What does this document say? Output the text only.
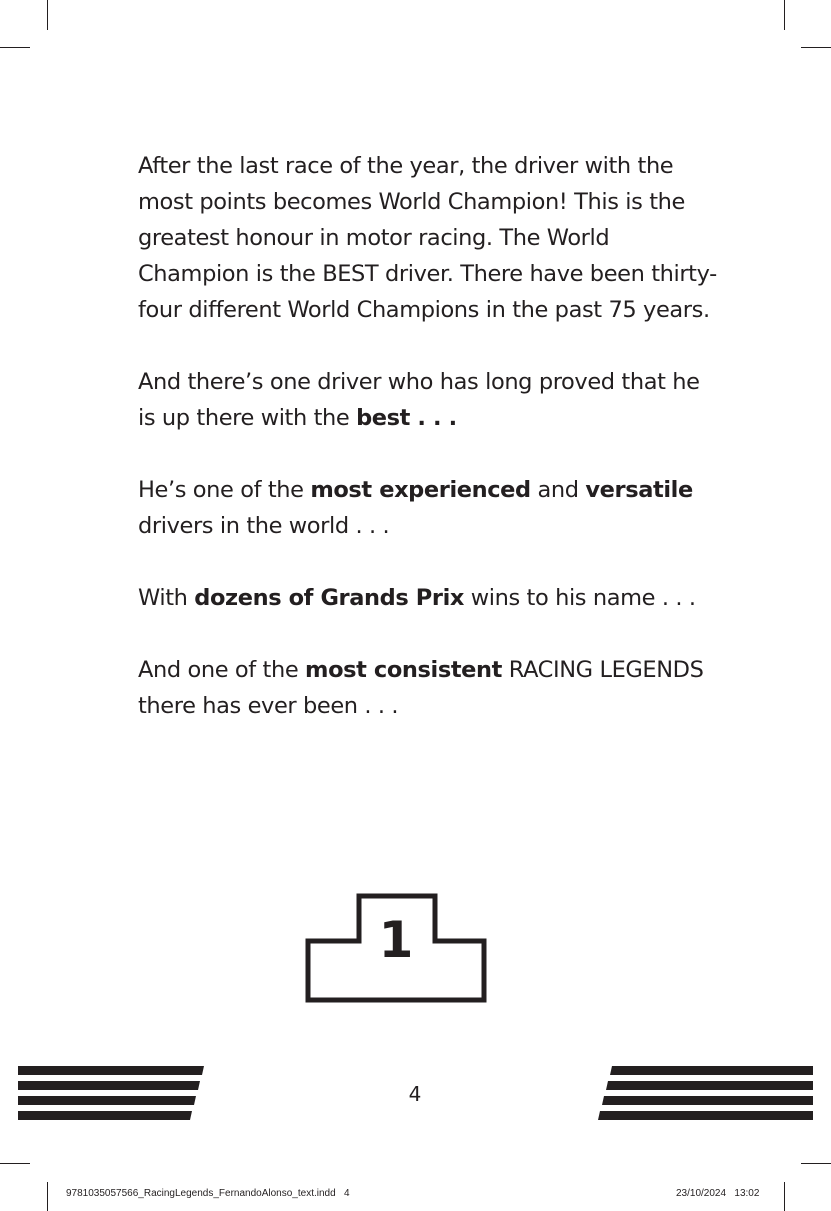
After the last race of the year, the driver with the most points becomes World Champion! This is the greatest honour in motor racing. The World Champion is the BEST driver. There have been thirty-four different World Champions in the past 75 years.

And there’s one driver who has long proved that he is up there with the best . . .

He’s one of the most experienced and versatile drivers in the world . . .

With dozens of Grands Prix wins to his name . . .

And one of the most consistent RACING LEGENDS there has ever been . . .

1
4
9781035057566_RacingLegends_FernandoAlonso_text.indd   4	23/10/2024   13:02
